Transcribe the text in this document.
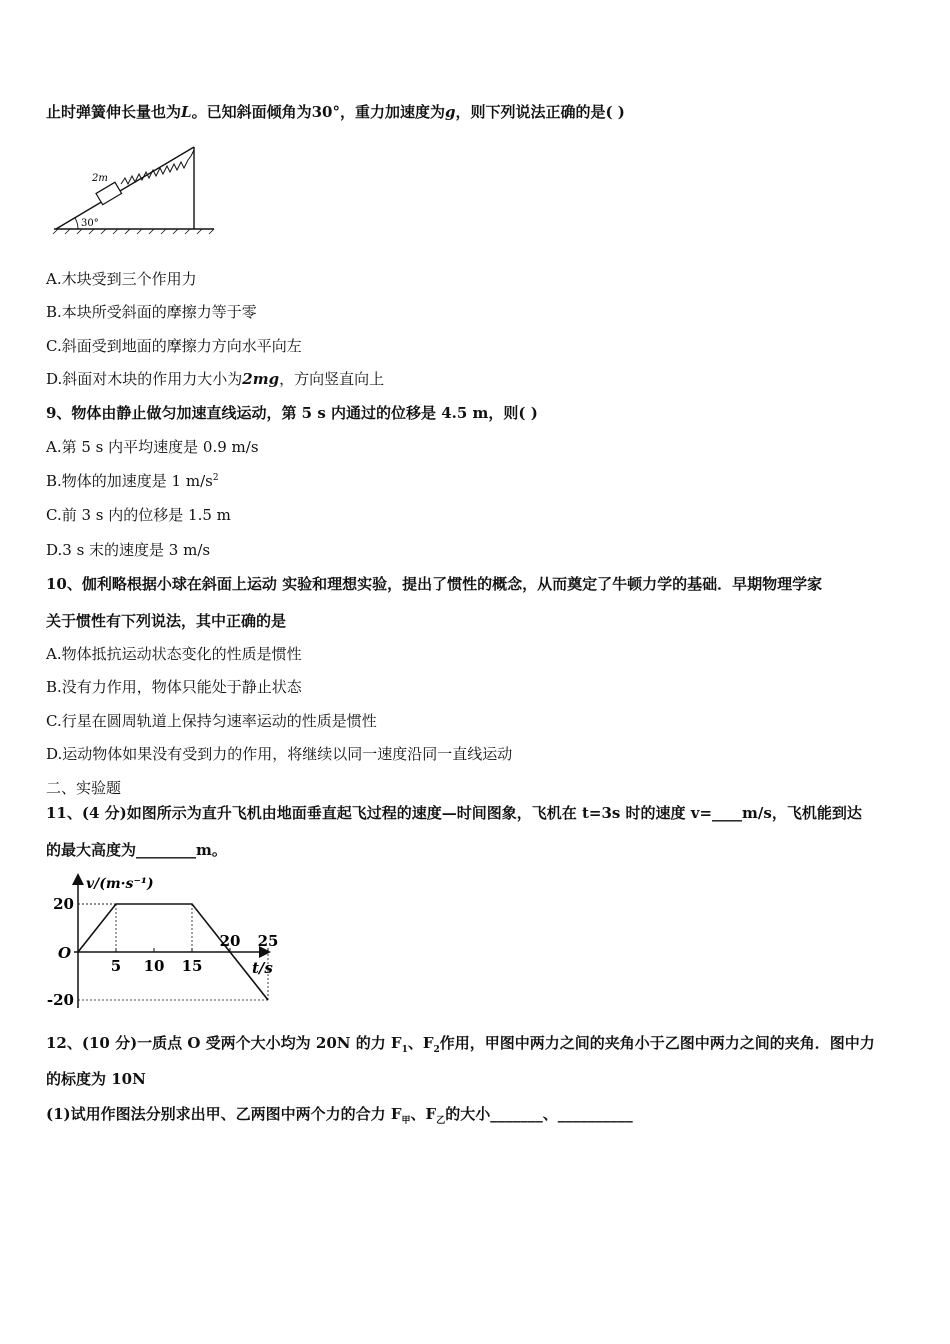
止时弹簧伸长量也为L。已知斜面倾角为30°，重力加速度为g，则下列说法正确的是( )
30°
2m
A.木块受到三个作用力
B.本块所受斜面的摩擦力等于零
C.斜面受到地面的摩擦力方向水平向左
D.斜面对木块的作用力大小为2mg，方向竖直向上
9、物体由静止做匀加速直线运动，第 5 s 内通过的位移是 4.5 m，则( )
A.第 5 s 内平均速度是 0.9 m/s
B.物体的加速度是 1 $m/s^2$
C.前 3 s 内的位移是 1.5 m
D.3 s 末的速度是 3 m/s
10、伽利略根据小球在斜面上运动 实验和理想实验，提出了惯性的概念，从而奠定了牛顿力学的基础．早期物理学家
关于惯性有下列说法，其中正确的是
A.物体抵抗运动状态变化的性质是惯性
B.没有力作用，物体只能处于静止状态
C.行星在圆周轨道上保持匀速率运动的性质是惯性
D.运动物体如果没有受到力的作用，将继续以同一速度沿同一直线运动
二、实验题
11、(4 分)如图所示为直升飞机由地面垂直起飞过程的速度—时间图象，飞机在 t=3s 时的速度 v=____m/s，飞机能到达
的最大高度为________m。
v/(m·s⁻¹)
t/s
O
5 10 15
20 25
20
-20
12、(10 分)一质点 O 受两个大小均为 20N 的力 $F_1$、$F_2$作用，甲图中两力之间的夹角小于乙图中两力之间的夹角．图中力
的标度为 10N
(1)试用作图法分别求出甲、乙两图中两个力的合力 $F_甲$、$F_乙$的大小_______、__________
